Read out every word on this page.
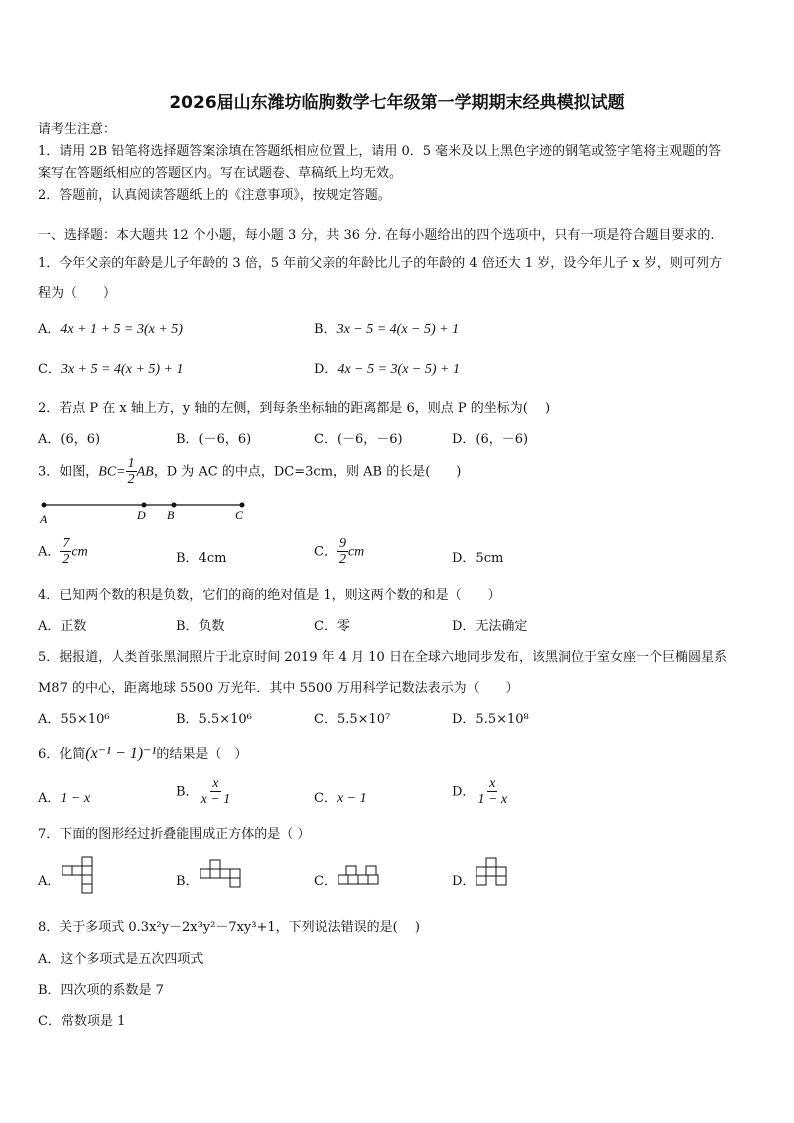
2026届山东潍坊临朐数学七年级第一学期期末经典模拟试题
请考生注意：
1．请用 2B 铅笔将选择题答案涂填在答题纸相应位置上，请用 0．5 毫米及以上黑色字迹的钢笔或签字笔将主观题的答
案写在答题纸相应的答题区内。写在试题卷、草稿纸上均无效。
2．答题前，认真阅读答题纸上的《注意事项》，按规定答题。
一、选择题：本大题共 12 个小题，每小题 3 分，共 36 分. 在每小题给出的四个选项中，只有一项是符合题目要求的.
1．今年父亲的年龄是儿子年龄的 3 倍，5 年前父亲的年龄比儿子的年龄的 4 倍还大 1 岁，设今年儿子 x 岁，则可列方
程为（　　）
A．4x + 1 + 5 = 3(x + 5)	B．3x − 5 = 4(x − 5) + 1
C．3x + 5 = 4(x + 5) + 1	D．4x − 5 = 3(x − 5) + 1
2．若点 P 在 x 轴上方，y 轴的左侧，到每条坐标轴的距离都是 6，则点 P 的坐标为(　 )
A．(6，6)	B．(－6，6)	C．(－6，－6)	D．(6，－6)
3．如图，$BC= \frac{1}{2}$ AB，D 为 AC 的中点，DC=3cm，则 AB 的长是(　　)
A	D B	C
A． $\frac{7}{2}$ cm	B．4cm	C． $\frac{9}{2}$ cm	D．5cm
4．已知两个数的积是负数，它们的商的绝对值是 1，则这两个数的和是（　　）
A．正数	B．负数	C．零	D．无法确定
5．据报道，人类首张黑洞照片于北京时间 2019 年 4 月 10 日在全球六地同步发布，该黑洞位于室女座一个巨椭圆星系
M87 的中心，距离地球 5500 万光年．其中 5500 万用科学记数法表示为（　　）
A．55×10⁶	B．5.5×10⁶	C．5.5×10⁷	D．5.5×10⁸
6．化简(x⁻¹ − 1)⁻¹的结果是（　）
A．1 − x	B． $\frac{x}{x - 1}$	C．x − 1	D． $\frac{x}{1 - x}$
7．下面的图形经过折叠能围成正方体的是（ ）
A．	B．	C．	D．
8．关于多项式 0.3x²y－2x³y²－7xy³+1，下列说法错误的是(　 )
A．这个多项式是五次四项式
B．四次项的系数是 7
C．常数项是 1
